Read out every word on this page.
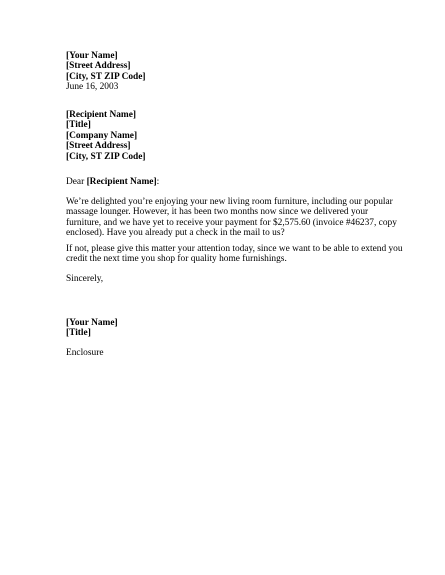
[Your Name]
[Street Address]
[City, ST ZIP Code]
June 16, 2003
[Recipient Name]
[Title]
[Company Name]
[Street Address]
[City, ST ZIP Code]
Dear [Recipient Name]:
We’re delighted you’re enjoying your new living room furniture, including our popular
massage lounger. However, it has been two months now since we delivered your
furniture, and we have yet to receive your payment for $2,575.60 (invoice #46237, copy
enclosed). Have you already put a check in the mail to us?
If not, please give this matter your attention today, since we want to be able to extend you
credit the next time you shop for quality home furnishings.
Sincerely,
[Your Name]
[Title]
Enclosure
